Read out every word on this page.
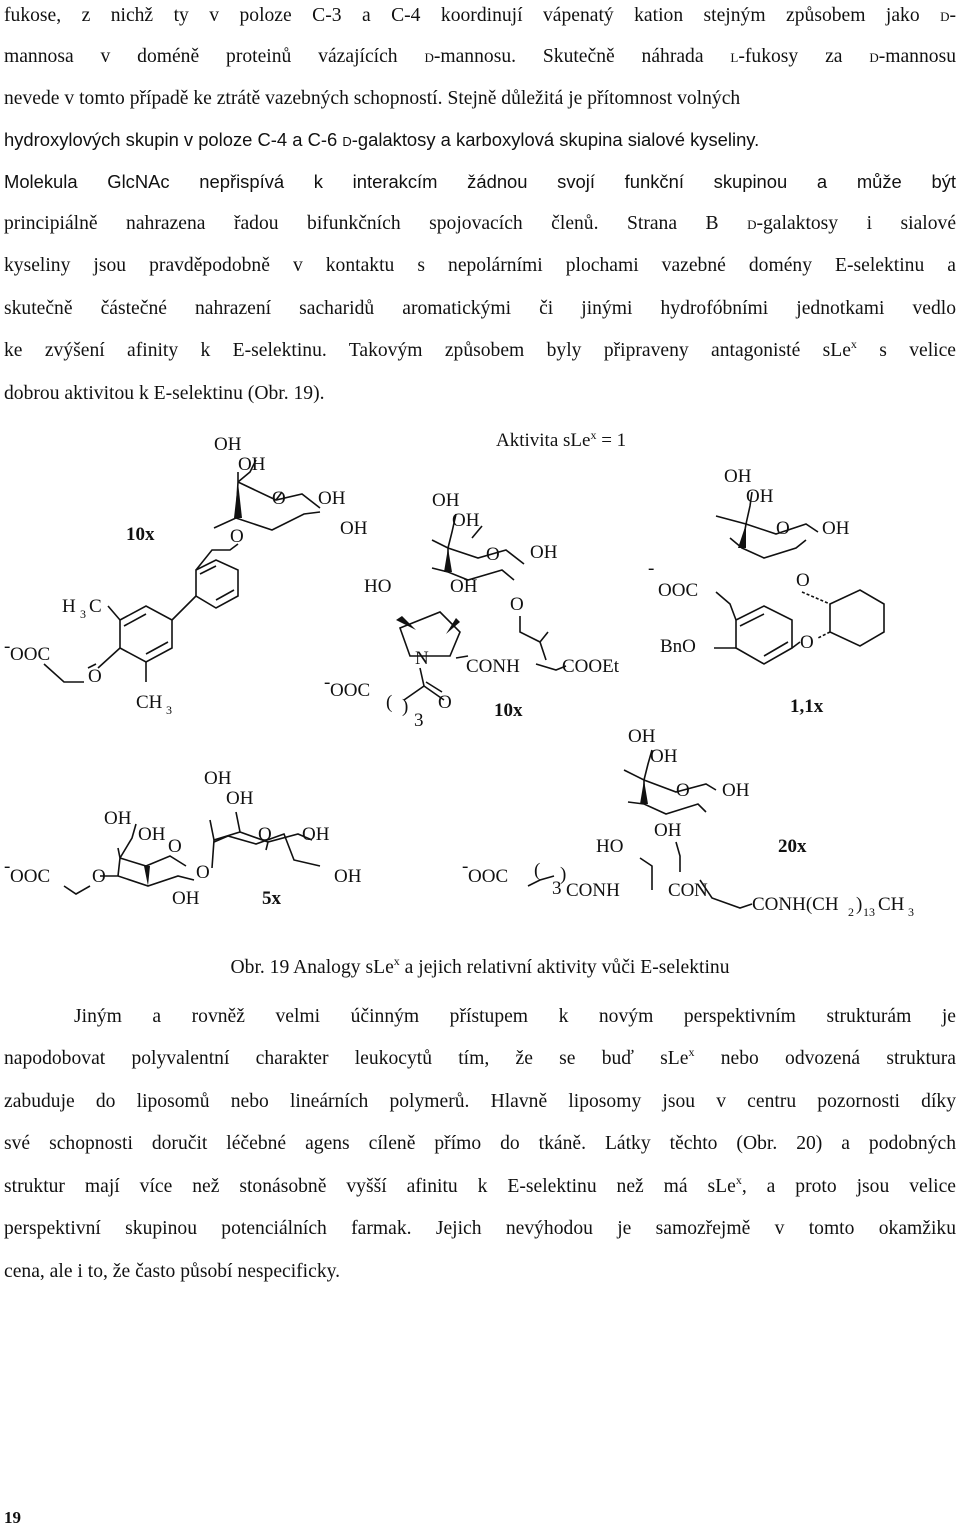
fukose, z nichž ty v poloze C-3 a C-4 koordinují vápenatý kation stejným způsobem jako D-
mannosa v doméně proteinů vázajících D-mannosu. Skutečně náhrada L-fukosy za D-mannosu
nevede v tomto případě ke ztrátě vazebných schopností. Stejně důležitá je přítomnost volných
hydroxylových skupin v poloze C-4 a C-6 D-galaktosy a karboxylová skupina sialové kyseliny.
Molekula GlcNAc nepřispívá k interakcím žádnou svojí funkční skupinou a může být
principiálně nahrazena řadou bifunkčních spojovacích členů. Strana B D-galaktosy i sialové
kyseliny jsou pravděpodobně v kontaktu s nepolárními plochami vazebné domény E-selektinu a
skutečně částečné nahrazení sacharidů aromatickými či jinými hydrofóbními jednotkami vedlo
ke zvýšení afinity k E-selektinu. Takovým způsobem byly připraveny antagonisté sLe$^x$ s velice
dobrou aktivitou k E-selektinu (Obr. 19).
Aktivita sLe$^x$ = 1
OH
OH
O OH
OH
O
10x
H 3 C
O
CH 3
- OOC
OH
OH
O OH
O
HO	OH
N CONH COOEt
- OOC
( )
3
O 10x
OH
OH
O OH
O
O
-
OOC
BnO
1,1x
OH
OH
O
OH
O
OH
OH
O OH
OH
5x
- OOC O
OH
OH
O OH
OH
HO
- OOC ( )
3 CONH	CO N
CONH(CH 2 ) 13 CH 3
20x
Obr. 19 Analogy sLe$^x$ a jejich relativní aktivity vůči E-selektinu
Jiným a rovněž velmi účinným přístupem k novým perspektivním strukturám je
napodobovat polyvalentní charakter leukocytů tím, že se buď sLe$^x$ nebo odvozená struktura
zabuduje do liposomů nebo lineárních polymerů. Hlavně liposomy jsou v centru pozornosti díky
své schopnosti doručit léčebné agens cíleně přímo do tkáně. Látky těchto (Obr. 20) a podobných
struktur mají více než stonásobně vyšší afinitu k E-selektinu než má sLe$^x$, a proto jsou velice
perspektivní skupinou potenciálních farmak. Jejich nevýhodou je samozřejmě v tomto okamžiku
cena, ale i to, že často působí nespecificky.
19
